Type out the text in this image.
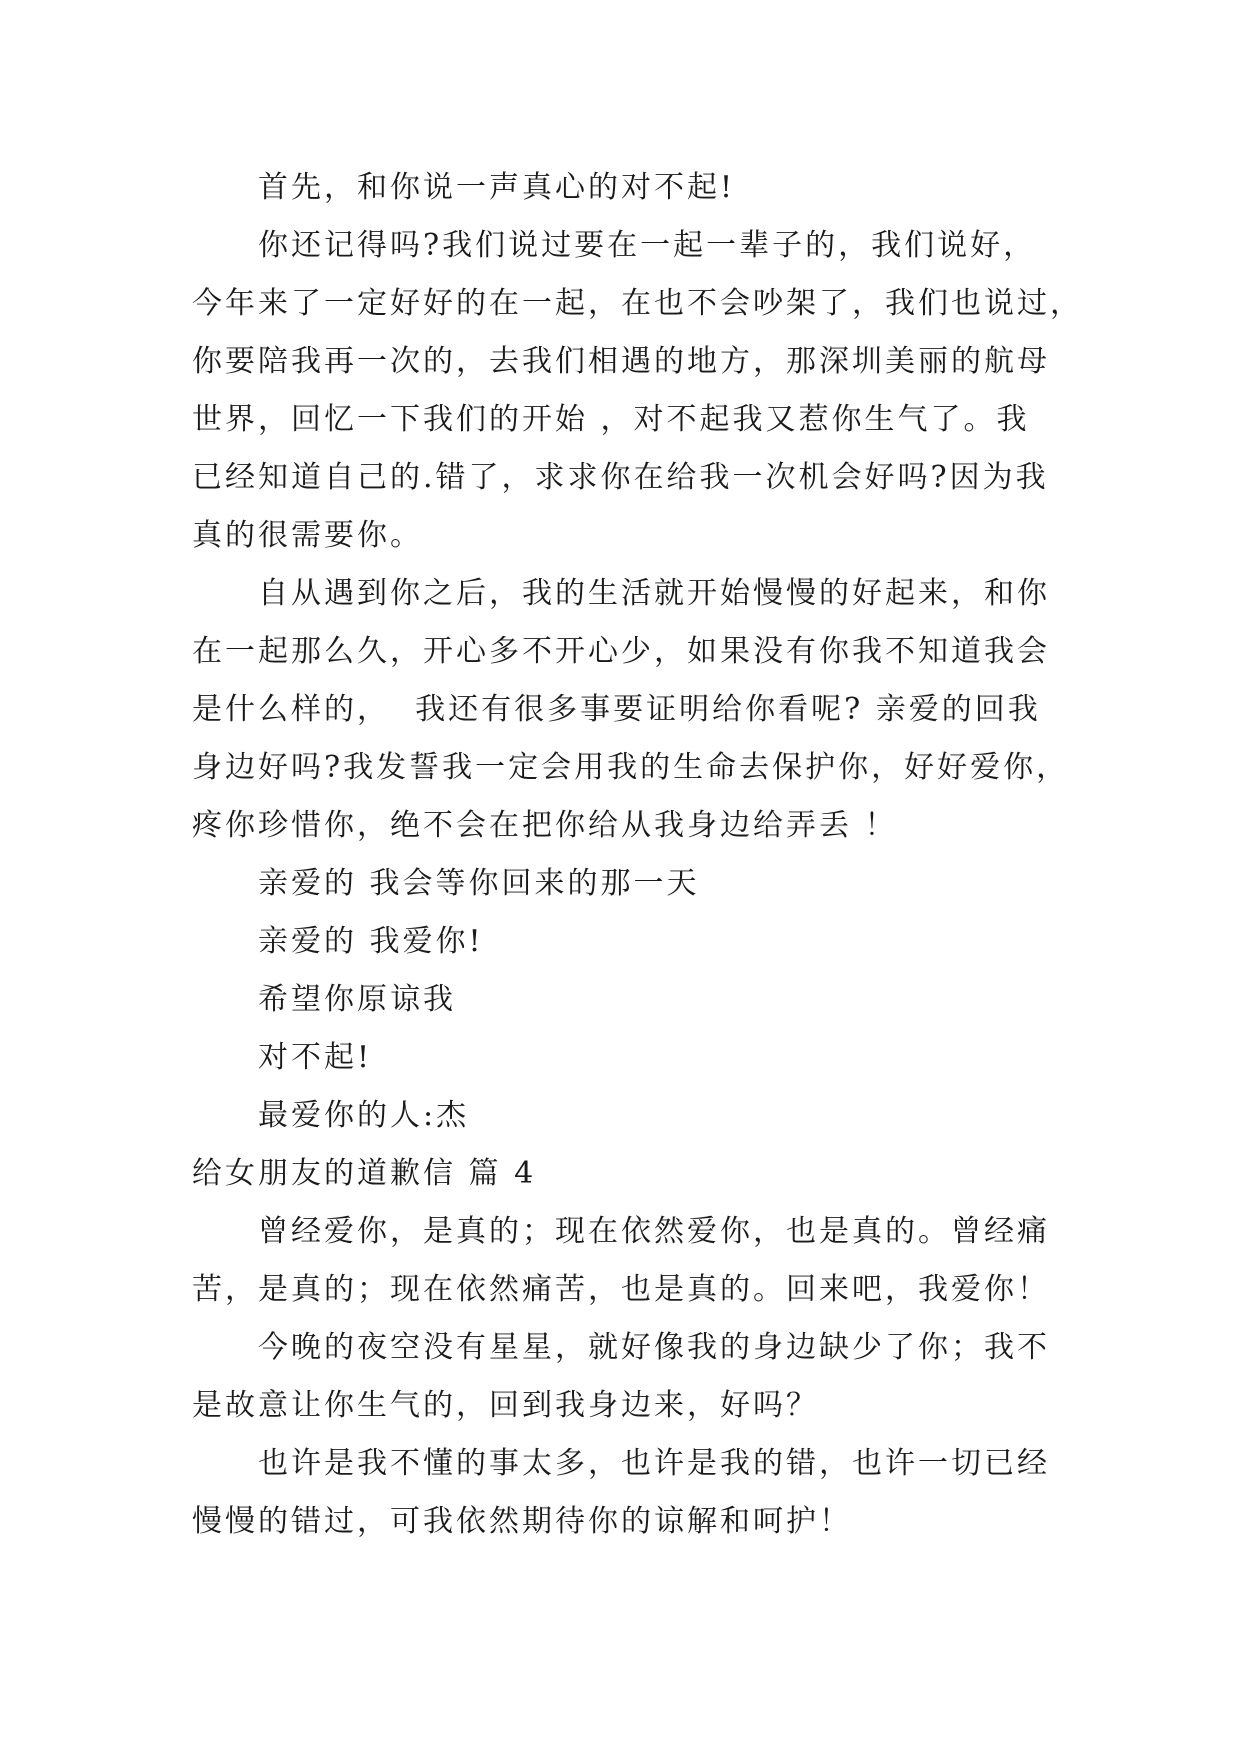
首先，和你说一声真心的对不起!
你还记得吗?我们说过要在一起一辈子的，我们说好，
今年来了一定好好的在一起，在也不会吵架了，我们也说过，
你要陪我再一次的，去我们相遇的地方，那深圳美丽的航母
世界，回忆一下我们的开始 ，对不起我又惹你生气了。我
已经知道自己的.错了，求求你在给我一次机会好吗?因为我
真的很需要你。
自从遇到你之后，我的生活就开始慢慢的好起来，和你
在一起那么久，开心多不开心少，如果没有你我不知道我会
是什么样的，  我还有很多事要证明给你看呢? 亲爱的回我
身边好吗?我发誓我一定会用我的生命去保护你，好好爱你，
疼你珍惜你，绝不会在把你给从我身边给弄丢 ！
亲爱的 我会等你回来的那一天
亲爱的 我爱你!
希望你原谅我
对不起!
最爱你的人:杰
给女朋友的道歉信 篇 4
曾经爱你，是真的；现在依然爱你，也是真的。曾经痛
苦，是真的；现在依然痛苦，也是真的。回来吧，我爱你！
今晚的夜空没有星星，就好像我的身边缺少了你；我不
是故意让你生气的，回到我身边来，好吗？
也许是我不懂的事太多，也许是我的错，也许一切已经
慢慢的错过，可我依然期待你的谅解和呵护！
